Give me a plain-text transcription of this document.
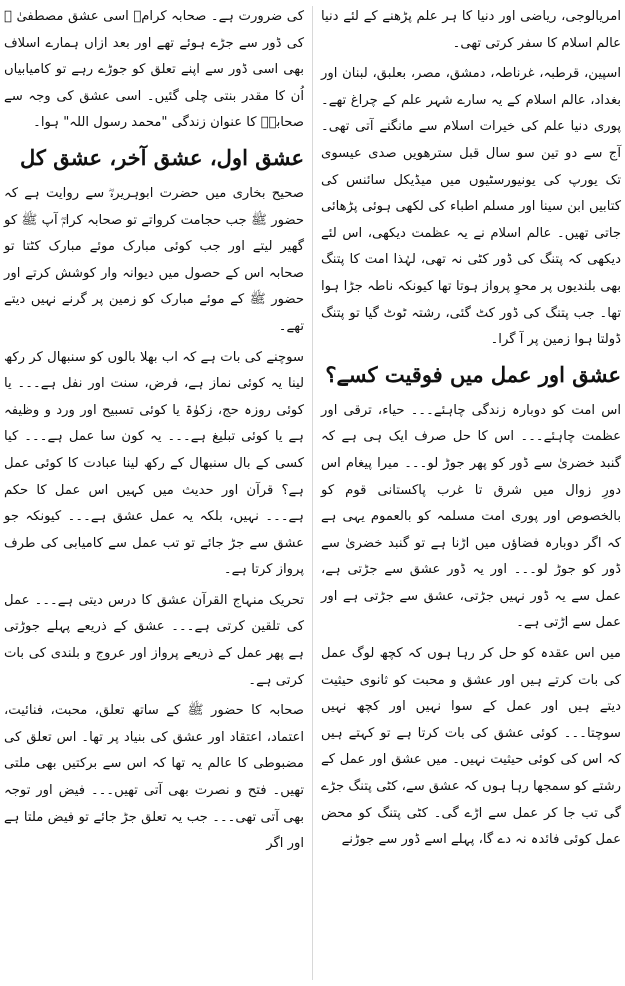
امریالوجی، ریاضی اور دنیا کا ہر علم پڑھنے کے لئے دنیا عالم اسلام کا سفر کرتی تھی۔

اسپین، قرطبہ، غرناطہ، دمشق، مصر، بعلبق، لبنان اور بغداد، عالم اسلام کے یہ سارے شہر علم کے چراغ تھے۔ پوری دنیا علم کی خیرات اسلام سے مانگنے آتی تھی۔ آج سے دو تین سو سال قبل سترھویں صدی عیسوی تک یورپ کی یونیورسٹیوں میں میڈیکل سائنس کی کتابیں ابن سینا اور مسلم اطباء کی لکھی ہوئی پڑھائی جاتی تھیں۔ عالم اسلام نے یہ عظمت دیکھی، اس لئے دیکھی کہ پتنگ کی ڈور کٹی نہ تھی، لہٰذا امت کا پتنگ بھی بلندیوں پر محوِ پرواز ہوتا تھا کیونکہ ناطہ جڑا ہوا تھا۔ جب پتنگ کی ڈور کٹ گئی، رشتہ ٹوٹ گیا تو پتنگ ڈولتا ہوا زمین پر آ گرا۔

عشق اور عمل میں فوقیت کسے؟

اس امت کو دوبارہ زندگی چاہئے۔۔۔ حیاء، ترقی اور عظمت چاہئے۔۔۔ اس کا حل صرف ایک ہی ہے کہ گنبد خضریٰ سے ڈور کو پھر جوڑ لو۔۔۔ میرا پیغام اس دورِ زوال میں شرق تا غرب پاکستانی قوم کو بالخصوص اور پوری امت مسلمہ کو بالعموم یہی ہے کہ اگر دوبارہ فضاؤں میں اڑنا ہے تو گنبد خضریٰ سے ڈور کو جوڑ لو۔۔۔ اور یہ ڈور عشق سے جڑتی ہے، عمل سے یہ ڈور نہیں جڑتی، عشق سے جڑتی ہے اور عمل سے اڑتی ہے۔

میں اس عقدہ کو حل کر رہا ہوں کہ کچھ لوگ عمل کی بات کرتے ہیں اور عشق و محبت کو ثانوی حیثیت دیتے ہیں اور عمل کے سوا نہیں اور کچھ نہیں سوچتا۔۔۔ کوئی عشق کی بات کرتا ہے تو کہتے ہیں کہ اس کی کوئی حیثیت نہیں۔ میں عشق اور عمل کے رشتے کو سمجھا رہا ہوں کہ عشق سے، کٹی پتنگ جڑے گی تب جا کر عمل سے اڑے گی۔ کٹی پتنگ کو محض عمل کوئی فائدہ نہ دے گا، پہلے اسے ڈور سے جوڑنے

کی ضرورت ہے۔ صحابہ کرامؓ اسی عشق مصطفیٰ ﷺ کی ڈور سے جڑے ہوئے تھے اور بعد ازاں ہمارے اسلاف بھی اسی ڈور سے اپنے تعلق کو جوڑے رہے تو کامیابیاں اُن کا مقدر بنتی چلی گئیں۔ اسی عشق کی وجہ سے صحابہؓ کا عنوان زندگی "محمد رسول اللہ" ہوا۔

عشق اول، عشق آخر، عشق کل

صحیح بخاری میں حضرت ابوہریرہؓ سے روایت ہے کہ حضور ﷺ جب حجامت کرواتے تو صحابہ کرامؓ آپ ﷺ کو گھیر لیتے اور جب کوئی مبارک موئے مبارک کٹتا تو صحابہ اس کے حصول میں دیوانہ وار کوشش کرتے اور حضور ﷺ کے موئے مبارک کو زمین پر گرنے نہیں دیتے تھے۔

سوچنے کی بات ہے کہ اب بھلا بالوں کو سنبھال کر رکھ لینا یہ کوئی نماز ہے، فرض، سنت اور نفل ہے۔۔۔ یا کوئی روزہ حج، زکوٰۃ یا کوئی تسبیح اور ورد و وظیفہ ہے یا کوئی تبلیغ ہے۔۔۔ یہ کون سا عمل ہے۔۔۔ کیا کسی کے بال سنبھال کے رکھ لینا عبادت کا کوئی عمل ہے؟ قرآن اور حدیث میں کہیں اس عمل کا حکم ہے۔۔۔ نہیں، بلکہ یہ عمل عشق ہے۔۔۔ کیونکہ جو عشق سے جڑ جائے تو تب عمل سے کامیابی کی طرف پرواز کرتا ہے۔

تحریک منہاج القرآن عشق کا درس دیتی ہے۔۔۔ عمل کی تلقین کرتی ہے۔۔۔ عشق کے ذریعے پہلے جوڑتی ہے پھر عمل کے ذریعے پرواز اور عروج و بلندی کی بات کرتی ہے۔

صحابہ کا حضور ﷺ کے ساتھ تعلق، محبت، فنائیت، اعتماد، اعتقاد اور عشق کی بنیاد پر تھا۔ اس تعلق کی مضبوطی کا عالم یہ تھا کہ اس سے برکتیں بھی ملتی تھیں۔ فتح و نصرت بھی آتی تھیں۔۔۔ فیض اور توجہ بھی آتی تھی۔۔۔ جب یہ تعلق جڑ جائے تو فیض ملتا ہے اور اگر
